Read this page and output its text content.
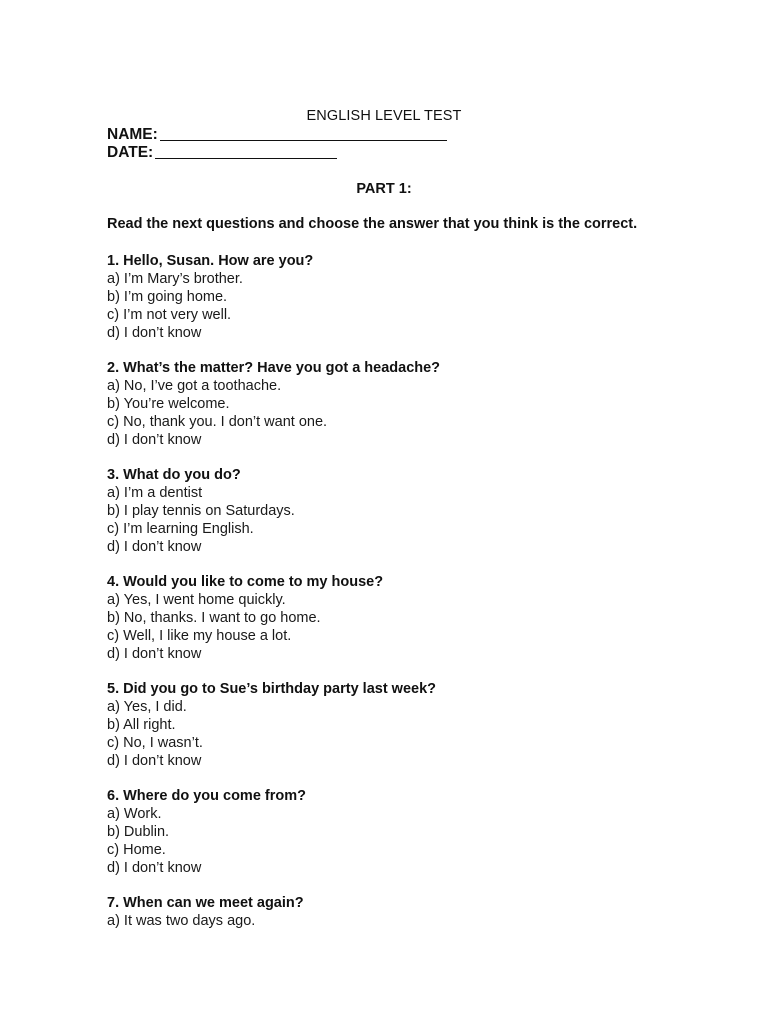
ENGLISH LEVEL TEST
NAME:
DATE:
PART 1:
Read the next questions and choose the answer that you think is the correct.
1. Hello, Susan. How are you?
a) I’m Mary’s brother.
b) I’m going home.
c) I’m not very well.
d) I don’t know
2. What’s the matter? Have you got a headache?
a) No, I’ve got a toothache.
b) You’re welcome.
c) No, thank you. I don’t want one.
d) I don’t know
3. What do you do?
a) I’m a dentist
b) I play tennis on Saturdays.
c) I’m learning English.
d) I don’t know
4. Would you like to come to my house?
a) Yes, I went home quickly.
b) No, thanks. I want to go home.
c) Well, I like my house a lot.
d) I don’t know
5. Did you go to Sue’s birthday party last week?
a) Yes, I did.
b) All right.
c) No, I wasn’t.
d) I don’t know
6. Where do you come from?
a) Work.
b) Dublin.
c) Home.
d) I don’t know
7. When can we meet again?
a) It was two days ago.
